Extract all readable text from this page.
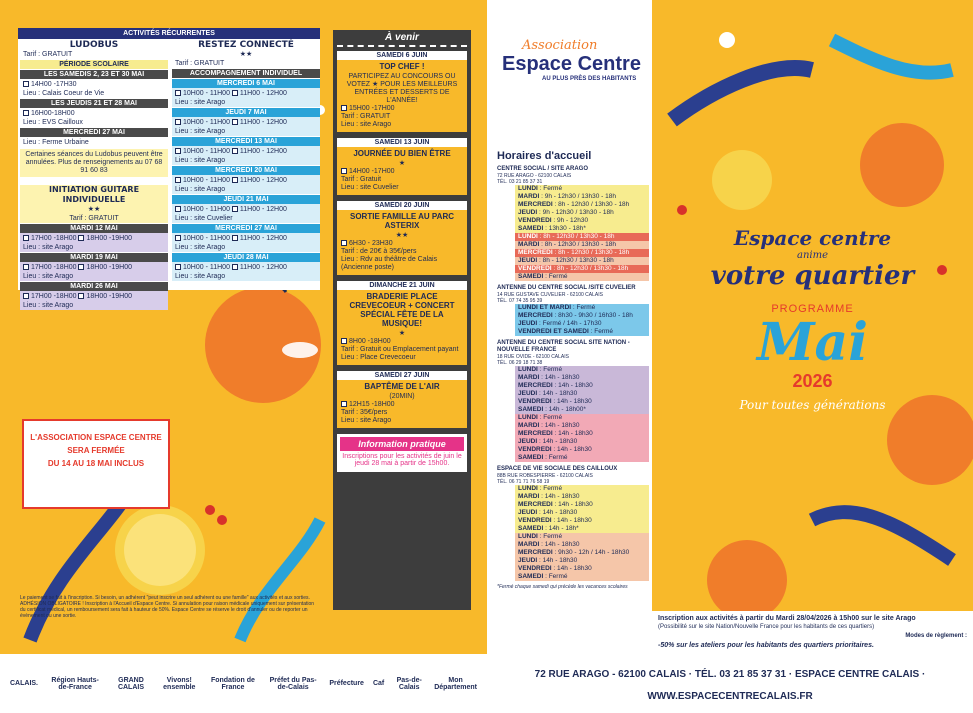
ACTIVITÉS RÉCURRENTES
LUDOBUS
Tarif : GRATUIT
PÉRIODE SCOLAIRE
LES SAMEDIS 2, 23 ET 30 MAI
14H00 -17H30
Lieu : Calais Coeur de Vie
LES JEUDIS 21 ET 28 MAI
16H00-18H00
Lieu : EVS Cailloux
MERCREDI 27 MAI
Lieu : Ferme Urbaine
Certaines séances du Ludobus peuvent être annulées. Plus de renseignements au 07 68 91 60 83
INITIATION GUITARE INDIVIDUELLE
★★
Tarif : GRATUIT
MARDI 12 MAI
17H00 -18H00 18H00 -19H00
Lieu : site Arago
MARDI 19 MAI
17H00 -18H00 18H00 -19H00
Lieu : site Arago
MARDI 26 MAI
17H00 -18H00 18H00 -19H00
Lieu : site Arago
RESTEZ CONNECTÉ
★★
Tarif : GRATUIT
ACCOMPAGNEMENT INDIVIDUEL
MERCREDI 6 MAI
10H00 - 11H00 11H00 - 12H00
Lieu : site Arago
JEUDI 7 MAI
10H00 - 11H00 11H00 - 12H00
Lieu : site Arago
MERCREDI 13 MAI
10H00 - 11H00 11H00 - 12H00
Lieu : site Arago
MERCREDI 20 MAI
10H00 - 11H00 11H00 - 12H00
Lieu : site Arago
JEUDI 21 MAI
10H00 - 11H00 11H00 - 12H00
Lieu : site Cuvelier
MERCREDI 27 MAI
10H00 - 11H00 11H00 - 12H00
Lieu : site Arago
JEUDI 28 MAI
10H00 - 11H00 11H00 - 12H00
Lieu : site Arago
L'ASSOCIATION ESPACE CENTRE
SERA FERMÉE
DU 14 AU 18 MAI INCLUS
À venir
SAMEDI 6 JUIN
TOP CHEF !
PARTICIPEZ AU CONCOURS OU VOTEZ ★ POUR LES MEILLEURS ENTRÉES ET DESSERTS DE L'ANNÉE!
15H00 -17H00
Tarif : GRATUIT
Lieu : site Arago
SAMEDI 13 JUIN
JOURNÉE DU BIEN ÊTRE
★
14H00 -17H00
Tarif : Gratuit
Lieu : site Cuvelier
SAMEDI 20 JUIN
SORTIE FAMILLE AU PARC ASTERIX
★★
6H30 - 23H30
Tarif : de 20€ à 35€/pers
Lieu : Rdv au théâtre de Calais (Ancienne poste)
DIMANCHE 21 JUIN
BRADERIE PLACE CREVECOEUR + CONCERT SPÉCIAL FÊTE DE LA MUSIQUE!
★
8H00 -18H00
Tarif : Gratuit ou Emplacement payant
Lieu : Place Crevecoeur
SAMEDI 27 JUIN
BAPTÊME DE L'AIR
(20MIN)
12H15 -18H00
Tarif : 35€/pers
Lieu : site Arago
Information pratique
Inscriptions pour les activités de juin le jeudi 28 mai à partir de 15h00.
Le paiement se fait à l'inscription. Si besoin, un adhérent "peut inscrire un seul adhérent ou une famille" aux activités et aux sorties. ADHÉSION OBLIGATOIRE ! Inscription à l'Accueil d'Espace Centre. Si annulation pour raison médicale uniquement sur présentation du certificat médical, un remboursement sera fait à hauteur de 50%. Espace Centre se réserve le droit d'annuler ou de reporter un évènement ou une sortie.
CALAIS.	Région Hauts-de-France
GRAND CALAIS
Vivons! ensemble
Fondation de France
Préfet du Pas-de-Calais	Préfecture Caf	Pas-de-Calais
Mon Département
Espace centre
anime
votre quartier
PROGRAMME
Mai
2026
Pour toutes générations
Association
Espace Centre
AU PLUS PRÈS DES HABITANTS
Horaires d'accueil
CENTRE SOCIAL / SITE ARAGO
72 RUE ARAGO - 62100 CALAIS
TÉL. 03 21 85 37 31
LUNDI : Fermé
MARDI : 9h - 12h30 / 13h30 - 18h
MERCREDI : 8h - 12h30 / 13h30 - 18h
JEUDI : 9h - 12h30 / 13h30 - 18h
VENDREDI : 9h - 12h30
SAMEDI : 13h30 - 18h*
LUNDI : 8h - 12h30 / 13h30 - 18h
MARDI : 8h - 12h30 / 13h30 - 18h
MERCREDI : 8h - 12h30 / 13h30 - 18h
JEUDI : 8h - 12h30 / 13h30 - 18h
VENDREDI : 8h - 12h30 / 13h30 - 18h
SAMEDI : Fermé
ANTENNE DU CENTRE SOCIAL /SITE CUVELIER
14 RUE GUSTAVE CUVELIER - 62100 CALAIS
TÉL. 07 74 35 95 39
LUNDI ET MARDI : Fermé
MERCREDI : 8h30 - 9h30 / 16h30 - 18h
JEUDI : Fermé / 14h - 17h30
VENDREDI ET SAMEDI : Fermé
ANTENNE DU CENTRE SOCIAL SITE NATION - NOUVELLE FRANCE
18 RUE OVIDE - 62100 CALAIS
TÉL. 06 29 18 71 38
LUNDI : Fermé
MARDI : 14h - 18h30
MERCREDI : 14h - 18h30
JEUDI : 14h - 18h30
VENDREDI : 14h - 18h30
SAMEDI : 14h - 18h00*
LUNDI : Fermé
MARDI : 14h - 18h30
MERCREDI : 14h - 18h30
JEUDI : 14h - 18h30
VENDREDI : 14h - 18h30
SAMEDI : Fermé
ESPACE DE VIE SOCIALE DES CAILLOUX
88B RUE ROBESPIERRE - 62100 CALAIS
TÉL. 06 71 71 76 58 19
LUNDI : Fermé
MARDI : 14h - 18h30
MERCREDI : 14h - 18h30
JEUDI : 14h - 18h30
VENDREDI : 14h - 18h30
SAMEDI : 14h - 18h*
LUNDI : Fermé
MARDI : 14h - 18h30
MERCREDI : 9h30 - 12h / 14h - 18h30
JEUDI : 14h - 18h30
VENDREDI : 14h - 18h30
SAMEDI : Fermé
*Fermé chaque samedi qui précède les vacances scolaires
Inscription aux activités à partir du Mardi 28/04/2026 à 15h00 sur le site Arago
(Possibilité sur le site Nation/Nouvelle France pour les habitants de ces quartiers)
Modes de règlement :
-50% sur les ateliers pour les habitants des quartiers prioritaires.
72 RUE ARAGO - 62100 CALAIS · TÉL. 03 21 85 37 31 · ESPACE CENTRE CALAIS · WWW.ESPACECENTRECALAIS.FR
